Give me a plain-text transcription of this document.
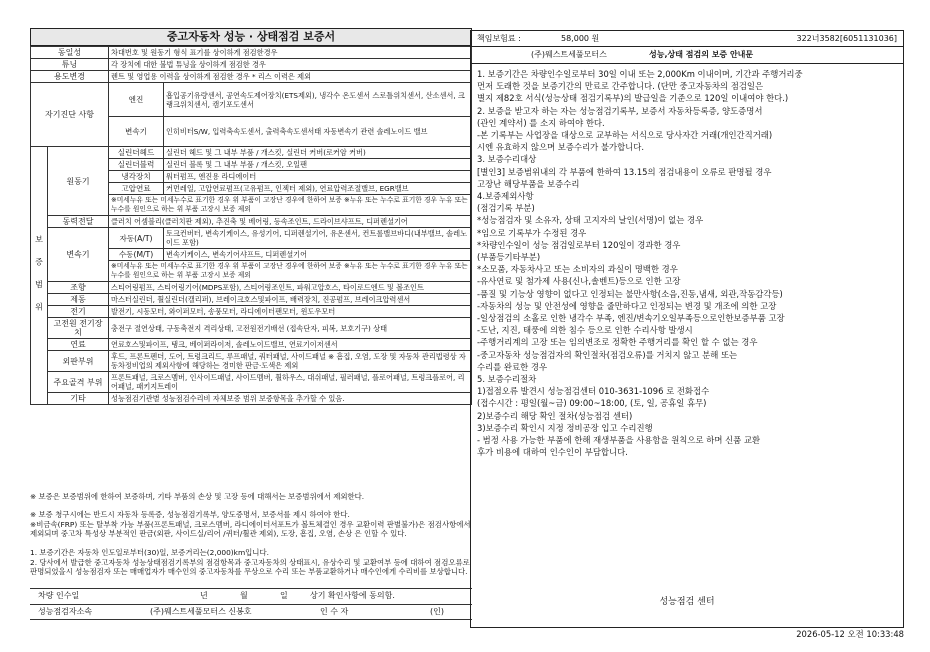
중고자동차 성능 · 상태점검 보증서
동일성		차대번호 및 원동기 형식 표기를 상이하게 점검한경우	
튜닝		각 장치에 대한 불법 튜닝을 상이하게 점검한 경우	
용도변경		렌트 및 영업용 이력을 상이하게 점검한 경우 * 리스 이력은 제외	
자기진단 사항		엔진	흡입공기유량센서, 공연속도제어장치(ETS제외), 냉각수 온도센서 스로틀위치센서, 산소센서, 크랭크위치센서, 캠기포도센서
		변속기	인히비터S/W, 입력축속도센서, 출력축속도센서태 자동변속기 관련 솔레노이드 밸브
보 증 범 위	원동기	실린더헤드	실린더 헤드 및 그 내부 부품 / 개스킷, 실린더 커버(로커암 커버)
		실린더블럭	실린더 블록 및 그 내부 부품 / 개스킷, 오일팬
		냉각장치	워터펌프, 엔진용 라디에이터
		고압연료	커먼레일, 고압연료펌프(고유펌프, 인젝터 제외), 연료압력조절밸브, EGR밸브
		※미세누유 또는 미세누수로 표기한 경우 위 부품이 고장난 경우에 한하여 보증 ※누유 또는 누수로 표기한 경우 누유 또는 누수를 원인으로 하는 위 부품 고장시 보증 제외	
	동력전달	클러치 어셈블리(클러치판 제외), 추진축 및 베어링, 등속조인트, 드라이브샤프트, 디퍼렌셜기어	
	변속기	자동(A/T)	토크컨버터, 변속기케이스, 유성기어, 디퍼렌셜기어, 유온센서, 컨트롤밸브바디(내부밸브, 솔레노이드 포함)
		수동(M/T)	변속기케이스, 변속기어샤프트, 디퍼렌셜기어
		※미세누유 또는 미세누수로 표기한 경우 위 부품이 고장난 경우에 한하여 보증 ※누유 또는 누수로 표기한 경우 누유 또는 누수를 원인으로 하는 위 부품 고장시 보증 제외	
	조향	스티어링펌프, 스티어링기어(MDPS포함), 스티어링조인트, 파워고압호스, 타이로드엔드 및 볼조인트	
	제동	마스터실린더, 휠실린더(캘리퍼), 브레이크호스및파이프, 배력장치, 진공펌프, 브레이크압력센서	
	전기	발전기, 시동모터, 와이퍼모터, 송풍모터, 라디에이터팬모터, 윈도우모터	
	고전원 전기장치	충전구 절연상태, 구동축전지 격리상태, 고전원전기배선 (접속단자, 피복, 보호기구) 상태	
	연료	연료호스및파이프, 탱크, 베이퍼라이저, 솔레노이드밸브, 연료기이저센서	
	외판부위	후드, 프론트펜더, 도어, 트렁크리드, 루프패널, 쿼터패널, 사이드패널 ※ 흠집, 오염, 도장 및 자동차 관리법령상 자동차정비업의 제외사항에 해당하는 경미한 판금·도색은 제외	
	주요골격 부위	프론트패널, 크로스멤버, 인사이드패널, 사이드멤버, 휠하우스, 대쉬패널, 필러패널, 플로어패널, 트렁크플로어, 리어패널, 패키지트레이	
	기타	성능점검기관별 성능점검수리비 자체보증 범위 보증항목을 추가할 수 있음.	
※ 보증은 보증범위에 한하여 보증하며, 기타 부품의 손상 및 고장 등에 대해서는 보증범위에서 제외한다.
※ 보증 청구시에는 반드시 자동차 등록증, 성능점검기록부, 양도증명서, 보증서를 제시 하여야 한다.
※비금속(FRP) 또는 탈부착 가능 부품(프론트패널, 크로스멤버, 라디에이터서포트가 볼트체결인 경우 교환이력 판별불가)은 점검사항에서 제외되며 중고차 특성상 부분적인 판금(외판, 사이드실/리어 /퀴터/휠관 제외), 도장, 흠집, 오염, 손상 은 인할 수 있다.
1. 보증기간은 자동차 인도일로부터(30)일, 보증거리는(2,000)km입니다.
2. 당사에서 발급한 중고자동차 성능상태점검기록부의 점검항목과 중고자동차의 상태표시, 유상수리 및 교환여부 등에 대하여 점검오류로 판명되었을시 성능점검자 또는 매매업자가 매수인의 중고자동차를 무상으로 수리 또는 부품교환하거나 매수인에게 수리비를 보상합니다.
차량 인수일	년	월	일	상기 확인사항에 동의함.
성능점검자소속	(주)웨스트세풀모터스 신봉호	인 수 자	(인)
책임보험료 :	58,000 원	322너3582[6051131036]
(주)웨스트세풀모터스	성능,상태 점검의 보증 안내문
1. 보증기간은 차량인수일로부터 30일 이내 또는 2,000Km 이내이며, 기간과 주행거리중
먼저 도래한 것을 보증기간의 만료로 간주합니다. (단만 중고자동차의 점검일은
별지 제82호 서식(성능상태 점검기록부)의 발급일을 기준으로 120일 이내여야 한다.)
2. 보증을 받고자 하는 자는 성능점검기록부, 보증서 자동차등록증, 양도증명서
(관인 계약서) 를 소지 하여야 한다.
-본 기록부는 사업장을 대상으로 교부하는 서식으로 당사자간 거래(개인간직거래)
시엔 유효하지 않으며 보증수리가 불가합니다.
3. 보증수리대상
[별인3] 보증범위내의 각 부품에 한하여 13.15의 점검내용이 오류로 판명될 경우
고장난 해당부품을 보증수리
4.보증제외사항
(점검기록 부분)
*성능점검자 및 소유자, 상태 고지자의 날인(서명)이 없는 경우
*임으로 기록부가 수정된 경우
*차량인수일이 성능 점검일로부터 120일이 경과한 경우
(부품등기타부분)
*소모품, 자동차사고 또는 소비자의 과실이 명백한 경우
-유사연료 및 첨가제 사용(신나,솔벤트)등으로 인한 고장
-품질 및 기능상 영향이 없다고 인정되는 불만사항(소음,진동,냄새, 외관,작동감각등)
-자동차의 성능 및 안전성에 영향을 줄만하다고 인정되는 변경 및 개조에 의한 고장
-일상점검의 소홀로 인한 냉각수 부족, 엔진/변속기오일부족등으로인한보증부품 고장
-도난, 지진, 태풍에 의한 침수 등으로 인한 수리사항 발생시
-주행거리계의 고장 또는 임의변조로 정확한 주행거리를 확인 할 수 없는 경우
-중고자동차 성능점검자의 확인절차(점검오류)를 거치지 않고 분해 또는
수리를 완료한 경우
5. 보증수리절차
1)접점오류 발견시 성능점검센터 010-3631-1096 로 전화접수
(접수시간 : 평일(월~금) 09:00~18:00, (토, 일, 공휴일 휴무)
2)보증수리 해당 확인 절차(성능점검 센터)
3)보증수리 확인시 지정 정비공장 입고 수리진행
- 범정 사용 가능한 부품에 한해 재생부품을 사용함을 원칙으로 하며 신품 교환
후가 비용에 대하여 인수인이 부담합니다.
성능점검 센터
2026-05-12 오전 10:33:48
